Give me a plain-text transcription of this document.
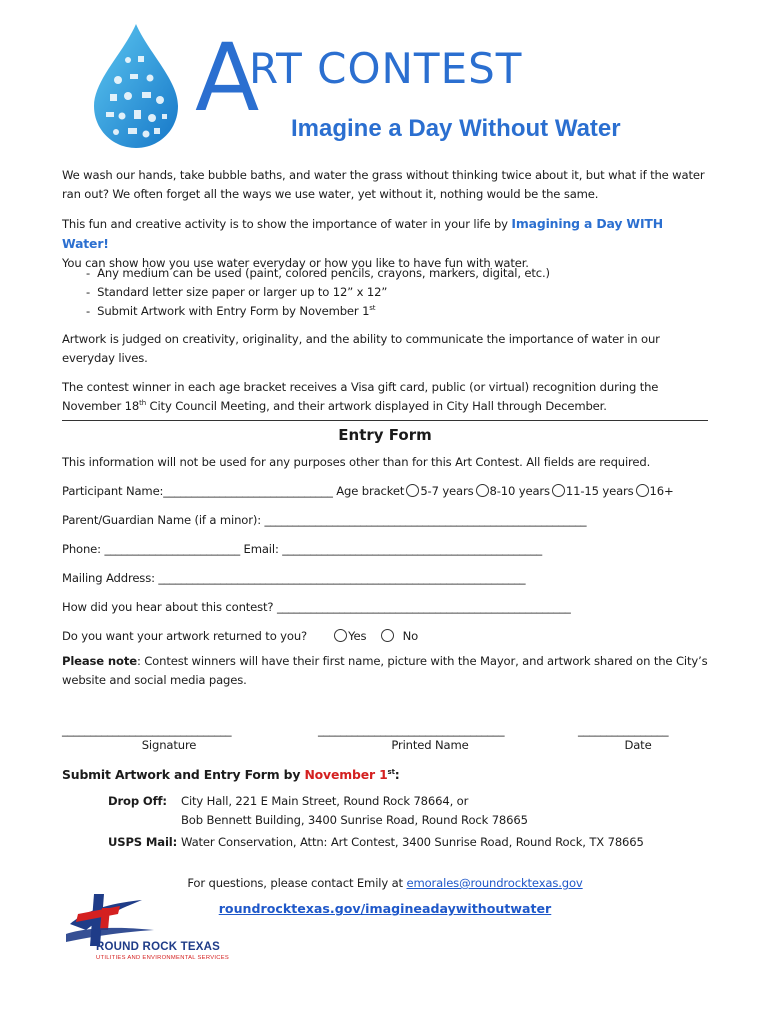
A
RT CONTEST
Imagine a Day Without Water
We wash our hands, take bubble baths, and water the grass without thinking twice about it, but what if the water ran out? We often forget all the ways we use water, yet without it, nothing would be the same.
This fun and creative activity is to show the importance of water in your life by Imagining a Day WITH Water!
You can show how you use water everyday or how you like to have fun with water.
-  Any medium can be used (paint, colored pencils, crayons, markers, digital, etc.)
-  Standard letter size paper or larger up to 12” x 12”
-  Submit Artwork with Entry Form by November 1st
Artwork is judged on creativity, originality, and the ability to communicate the importance of water in our everyday lives.
The contest winner in each age bracket receives a Visa gift card, public (or virtual) recognition during the November 18th City Council Meeting, and their artwork displayed in City Hall through December.
Entry Form
This information will not be used for any purposes other than for this Art Contest. All fields are required.
Participant Name:______________________________ Age bracket 5-7 years 8-10 years 11-15 years 16+
Parent/Guardian Name (if a minor): _________________________________________________________
Phone: ________________________ Email: ______________________________________________
Mailing Address: _________________________________________________________________
How did you hear about this contest? ____________________________________________________
Do you want your artwork returned to you?	Yes	No
Please note: Contest winners will have their first name, picture with the Mayor, and artwork shared on the City’s website and social media pages.
______________________________	_________________________________	________________
Signature	Printed Name	Date
Submit Artwork and Entry Form by November 1st:
Drop Off: City Hall, 221 E Main Street, Round Rock 78664, or
Bob Bennett Building, 3400 Sunrise Road, Round Rock 78665
USPS Mail: Water Conservation, Attn: Art Contest, 3400 Sunrise Road, Round Rock, TX 78665
For questions, please contact Emily at emorales@roundrocktexas.gov
roundrocktexas.gov/imagineadaywithoutwater
ROUND ROCK TEXAS
UTILITIES AND ENVIRONMENTAL SERVICES
